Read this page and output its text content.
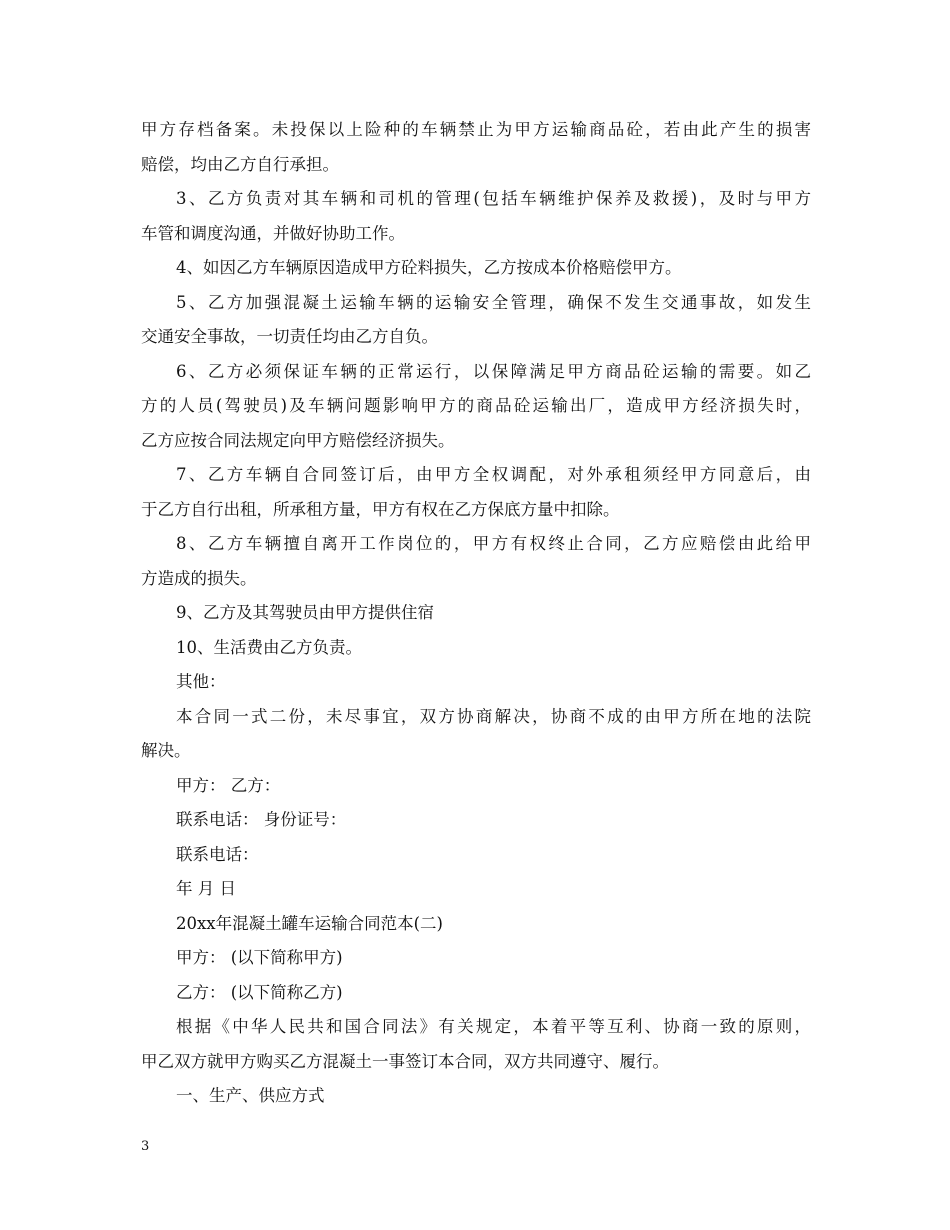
甲方存档备案。未投保以上险种的车辆禁止为甲方运输商品砼，若由此产生的损害
赔偿，均由乙方自行承担。
3、乙方负责对其车辆和司机的管理(包括车辆维护保养及救援)，及时与甲方
车管和调度沟通，并做好协助工作。
4、如因乙方车辆原因造成甲方砼料损失，乙方按成本价格赔偿甲方。
5、乙方加强混凝土运输车辆的运输安全管理，确保不发生交通事故，如发生
交通安全事故，一切责任均由乙方自负。
6、乙方必须保证车辆的正常运行，以保障满足甲方商品砼运输的需要。如乙
方的人员(驾驶员)及车辆问题影响甲方的商品砼运输出厂，造成甲方经济损失时，
乙方应按合同法规定向甲方赔偿经济损失。
7、乙方车辆自合同签订后，由甲方全权调配，对外承租须经甲方同意后，由
于乙方自行出租，所承租方量，甲方有权在乙方保底方量中扣除。
8、乙方车辆擅自离开工作岗位的，甲方有权终止合同，乙方应赔偿由此给甲
方造成的损失。
9、乙方及其驾驶员由甲方提供住宿
10、生活费由乙方负责。
其他：
本合同一式二份，未尽事宜，双方协商解决，协商不成的由甲方所在地的法院
解决。
甲方： 乙方：
联系电话： 身份证号：
联系电话：
年 月 日
20xx年混凝土罐车运输合同范本(二)
甲方： (以下简称甲方)
乙方： (以下简称乙方)
根据《中华人民共和国合同法》有关规定，本着平等互利、协商一致的原则，
甲乙双方就甲方购买乙方混凝土一事签订本合同，双方共同遵守、履行。
一、生产、供应方式
3
